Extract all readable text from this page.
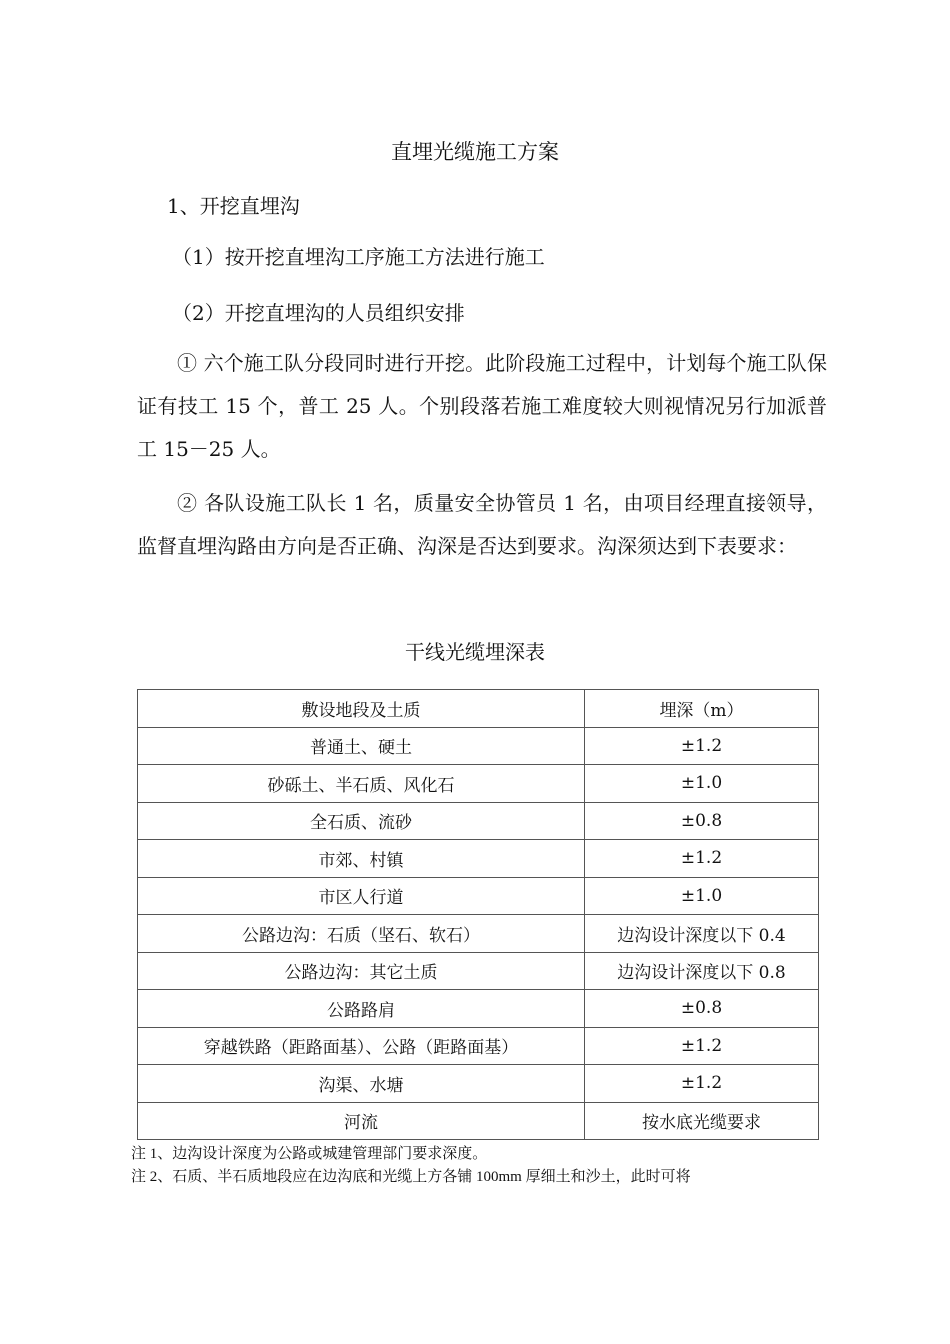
直埋光缆施工方案
1、开挖直埋沟
（1）按开挖直埋沟工序施工方法进行施工
（2）开挖直埋沟的人员组织安排
① 六个施工队分段同时进行开挖。此阶段施工过程中，计划每个施工队保证有技工 15 个，普工 25 人。个别段落若施工难度较大则视情况另行加派普工 15－25 人。
② 各队设施工队长 1 名，质量安全协管员 1 名，由项目经理直接领导，监督直埋沟路由方向是否正确、沟深是否达到要求。沟深须达到下表要求：
干线光缆埋深表
敷设地段及土质	埋深（m）
普通土、硬土	±1.2
砂砾土、半石质、风化石	±1.0
全石质、流砂	±0.8
市郊、村镇	±1.2
市区人行道	±1.0
公路边沟：石质（坚石、软石）	边沟设计深度以下 0.4
公路边沟：其它土质	边沟设计深度以下 0.8
公路路肩	±0.8
穿越铁路（距路面基）、公路（距路面基）	±1.2
沟渠、水塘	±1.2
河流	按水底光缆要求
注 1、边沟设计深度为公路或城建管理部门要求深度。
注 2、石质、半石质地段应在边沟底和光缆上方各铺 100mm 厚细土和沙土，此时可将
